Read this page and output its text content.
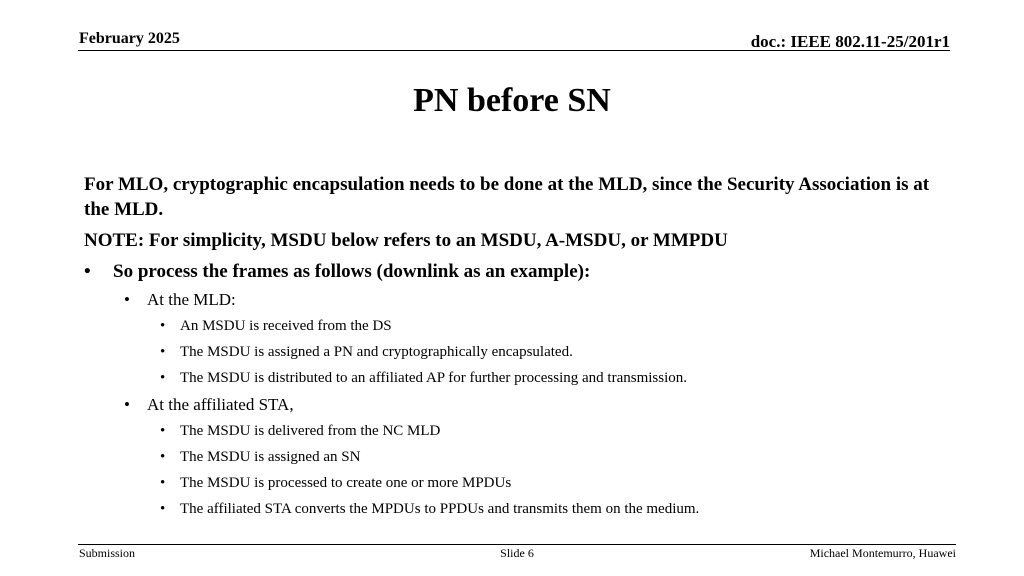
February 2025	doc.: IEEE 802.11-25/201r1
PN before SN
For MLO, cryptographic encapsulation needs to be done at the MLD, since the Security Association is at the MLD.
NOTE: For simplicity, MSDU below refers to an MSDU, A-MSDU, or MMPDU
• So process the frames as follows (downlink as an example):
• At the MLD:
• An MSDU is received from the DS
• The MSDU is assigned a PN and cryptographically encapsulated.
• The MSDU is distributed to an affiliated AP for further processing and transmission.
• At the affiliated STA,
• The MSDU is delivered from the NC MLD
• The MSDU is assigned an SN
• The MSDU is processed to create one or more MPDUs
• The affiliated STA converts the MPDUs to PPDUs and transmits them on the medium.
Submission	Slide 6	Michael Montemurro, Huawei
